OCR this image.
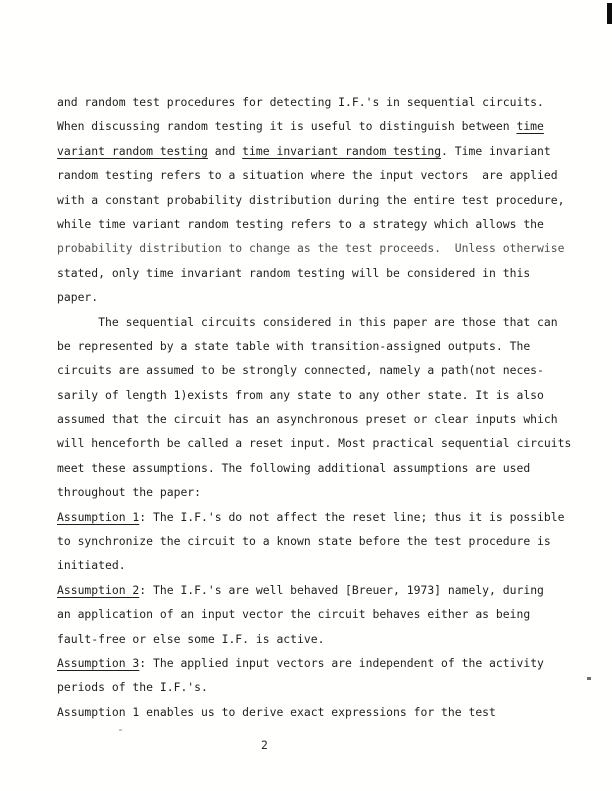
and random test procedures for detecting I.F.'s in sequential circuits.
When discussing random testing it is useful to distinguish between time
variant random testing and time invariant random testing. Time invariant
random testing refers to a situation where the input vectors  are applied
with a constant probability distribution during the entire test procedure,
while time variant random testing refers to a strategy which allows the
probability distribution to change as the test proceeds.  Unless otherwise
stated, only time invariant random testing will be considered in this
paper.
The sequential circuits considered in this paper are those that can
be represented by a state table with transition-assigned outputs. The
circuits are assumed to be strongly connected, namely a path(not neces-
sarily of length 1)exists from any state to any other state. It is also
assumed that the circuit has an asynchronous preset or clear inputs which
will henceforth be called a reset input. Most practical sequential circuits
meet these assumptions. The following additional assumptions are used
throughout the paper:
Assumption 1: The I.F.'s do not affect the reset line; thus it is possible
to synchronize the circuit to a known state before the test procedure is
initiated.
Assumption 2: The I.F.'s are well behaved [Breuer, 1973] namely, during
an application of an input vector the circuit behaves either as being
fault-free or else some I.F. is active.
Assumption 3: The applied input vectors are independent of the activity
periods of the I.F.'s.
Assumption 1 enables us to derive exact expressions for the test
2
